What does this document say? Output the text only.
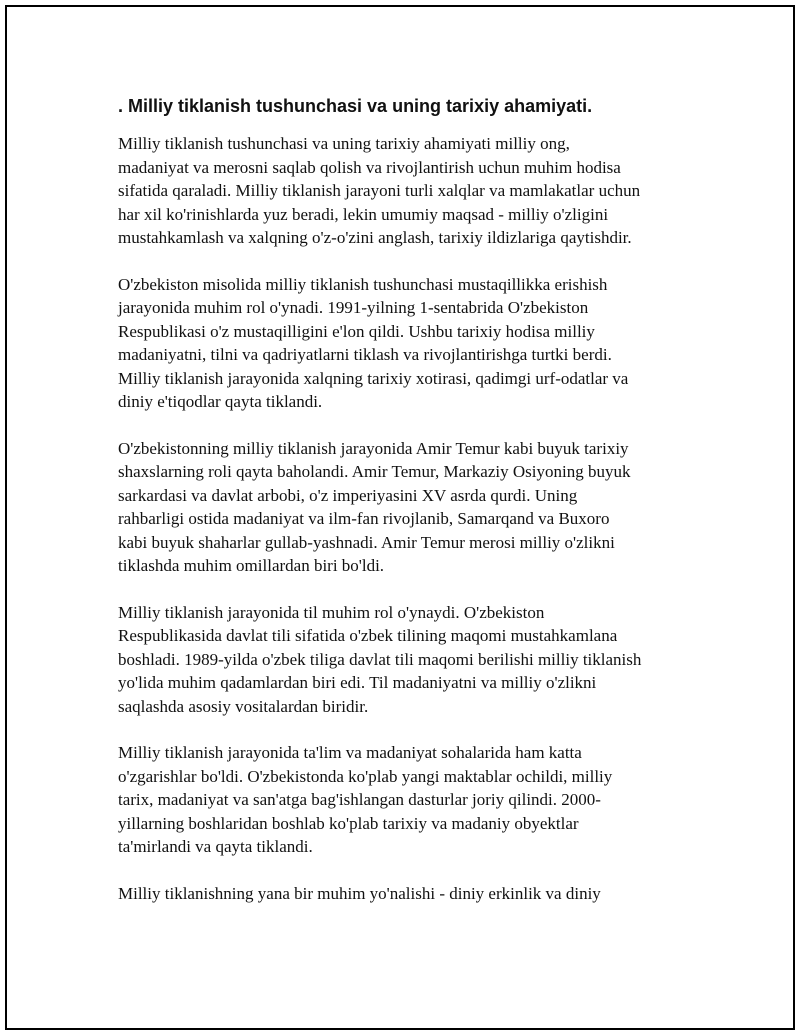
. Milliy tiklanish tushunchasi va uning tarixiy ahamiyati.
Milliy tiklanish tushunchasi va uning tarixiy ahamiyati milliy ong,
madaniyat va merosni saqlab qolish va rivojlantirish uchun muhim hodisa
sifatida qaraladi. Milliy tiklanish jarayoni turli xalqlar va mamlakatlar uchun
har xil ko'rinishlarda yuz beradi, lekin umumiy maqsad - milliy o'zligini
mustahkamlash va xalqning o'z-o'zini anglash, tarixiy ildizlariga qaytishdir.
O'zbekiston misolida milliy tiklanish tushunchasi mustaqillikka erishish
jarayonida muhim rol o'ynadi. 1991-yilning 1-sentabrida O'zbekiston
Respublikasi o'z mustaqilligini e'lon qildi. Ushbu tarixiy hodisa milliy
madaniyatni, tilni va qadriyatlarni tiklash va rivojlantirishga turtki berdi.
Milliy tiklanish jarayonida xalqning tarixiy xotirasi, qadimgi urf-odatlar va
diniy e'tiqodlar qayta tiklandi.
O'zbekistonning milliy tiklanish jarayonida Amir Temur kabi buyuk tarixiy
shaxslarning roli qayta baholandi. Amir Temur, Markaziy Osiyoning buyuk
sarkardasi va davlat arbobi, o'z imperiyasini XV asrda qurdi. Uning
rahbarligi ostida madaniyat va ilm-fan rivojlanib, Samarqand va Buxoro
kabi buyuk shaharlar gullab-yashnadi. Amir Temur merosi milliy o'zlikni
tiklashda muhim omillardan biri bo'ldi.
Milliy tiklanish jarayonida til muhim rol o'ynaydi. O'zbekiston
Respublikasida davlat tili sifatida o'zbek tilining maqomi mustahkamlana
boshladi. 1989-yilda o'zbek tiliga davlat tili maqomi berilishi milliy tiklanish
yo'lida muhim qadamlardan biri edi. Til madaniyatni va milliy o'zlikni
saqlashda asosiy vositalardan biridir.
Milliy tiklanish jarayonida ta'lim va madaniyat sohalarida ham katta
o'zgarishlar bo'ldi. O'zbekistonda ko'plab yangi maktablar ochildi, milliy
tarix, madaniyat va san'atga bag'ishlangan dasturlar joriy qilindi. 2000-
yillarning boshlaridan boshlab ko'plab tarixiy va madaniy obyektlar
ta'mirlandi va qayta tiklandi.
Milliy tiklanishning yana bir muhim yo'nalishi - diniy erkinlik va diniy
